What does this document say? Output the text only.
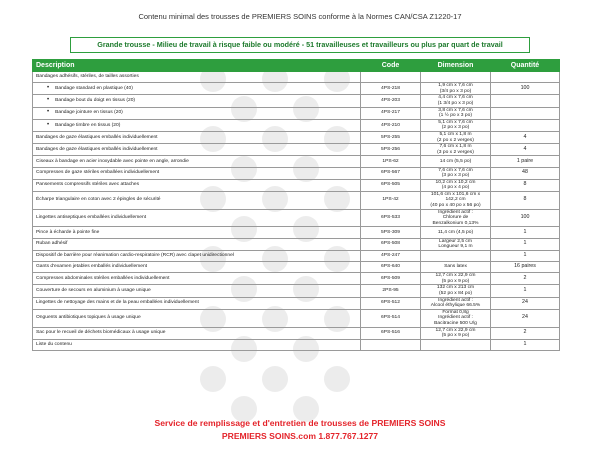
Contenu minimal des trousses de PREMIERS SOINS conforme à la Normes CAN/CSA Z1220-17
Grande trousse - Milieu de travail à risque faible ou modéré - 51 travailleuses et travailleurs ou plus par quart de travail
Description	Code	Dimension	Quantité
Bandages adhésifs, stériles, de tailles assorties			
• Bandage standard en plastique (40)	4PS-218	1,9 cm x 7,6 cm
(3/4 po x 3 po)	100
• Bandage bout du doigt en tissus (20)	4PS-203	4,4 cm x 7,6 cm
(1 3/4 po x 3 po)	

• Bandage jointure en tissus (20)	4PS-217	3,8 cm x 7,6 cm
(1 ½ po x 3 po)	

• Bandage timbre en tissus (20)	4PS-210	5,1 cm x 7,6 cm
(2 po x 3 po)	

Bandages de gaze élastiques emballés individuellement	5PS-255	5,1 cm x 1,8 m
(2 po x 2 verges)	4
Bandages de gaze élastiques emballés individuellement	5PS-256	7,6 cm x 1,8 m
(3 po x 2 verges)	4
Ciseaux à bandage en acier inoxydable avec pointe en angle, arrondie	1PS-62	14 cm (5,5 po)	1 paire
Compresses de gaze stériles emballées individuellement	6PS-567	7,6 cm x 7,6 cm
(3 po x 3 po)	48
Pansements compressifs stériles avec attaches	6PS-505	10,2 cm x 10,2 cm
(4 po x 4 po)	8
Écharpe triangulaire en coton avec 2 épingles de sécurité	1PS-42	101,6 cm x 101,6 cm x
142,2 cm
(40 po x 40 po x 56 po)	8
Lingettes antiseptiques emballées individuellement	6PS-533	Ingrédient actif :
Chlorure de
Benzalkonium 0,13%	100
Pince à écharde à pointe fine	5PS-309	11,4 cm (4,5 po)	1
Ruban adhésif	6PS-508	Largeur 2,5 cm
Longueur 9,1 m	1
Dispositif de barrière pour réanimation cardio-respiratoire (RCR) avec clapet unidirectionnel	4PS-247		1
Gants d'examen jetables emballés individuellement	6PS-640	Sans latex	16 paires
Compresses abdominales stériles emballées individuellement	6PS-509	12,7 cm x 22,9 cm
(5 po x 9 po)	2
Couverture de secours en aluminium à usage unique	2PS-95	132 cm x 213 cm
(52 po x 84 po)	1
Lingettes de nettoyage des mains et de la peau emballées individuellement	6PS-512	Ingrédient actif :
Alcool éthylique 66.5%	24
Onguents antibiotiques topiques à usage unique	6PS-514	Format 0,8g
Ingrédient actif :
Bacitracine 500 U/g	24
Sac pour le recueil de déchets biomédicaux à usage unique	6PS-516	12,7 cm x 22,9 cm
(5 po x 9 po)	2
Liste du contenu			1
Service de remplissage et d'entretien de trousses de PREMIERS SOINS
PREMIERS SOINS.com 1.877.767.1277
